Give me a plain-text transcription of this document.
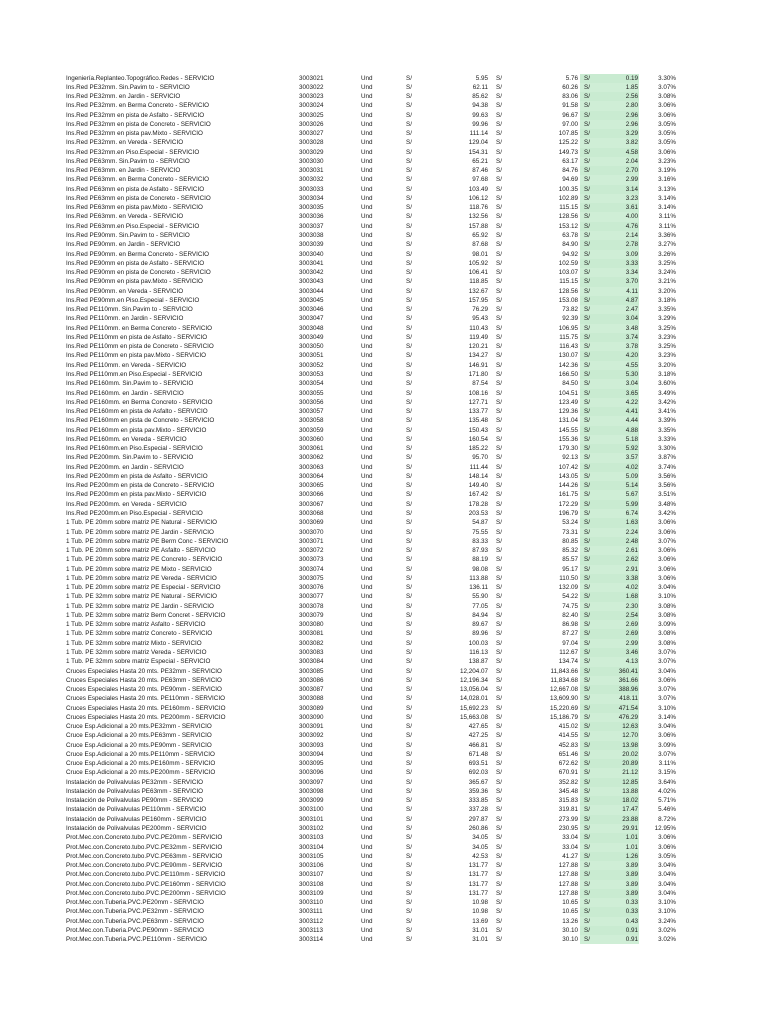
Ingeniería.Replanteo.Topográfico.Redes - SERVICIO	3003021	Und	S/	5.95 S/	5.76 S/	0.19	3.30%
Ins.Red PE32mm. Sin.Pavim to - SERVICIO	3003022	Und	S/	62.11 S/	60.26 S/	1.85	3.07%
Ins.Red PE32mm. en Jardin - SERVICIO	3003023	Und	S/	85.62 S/	83.06 S/	2.56	3.08%
Ins.Red PE32mm. en Berma Concreto - SERVICIO	3003024	Und	S/	94.38 S/	91.58 S/	2.80	3.06%
Ins.Red PE32mm en pista de Asfalto - SERVICIO	3003025	Und	S/	99.63 S/	96.67 S/	2.96	3.06%
Ins.Red PE32mm en pista de Concreto - SERVICIO	3003026	Und	S/	99.96 S/	97.00 S/	2.96	3.05%
Ins.Red PE32mm en pista pav.Mixto - SERVICIO	3003027	Und	S/	111.14 S/	107.85 S/	3.29	3.05%
Ins.Red PE32mm. en Vereda - SERVICIO	3003028	Und	S/	129.04 S/	125.22 S/	3.82	3.05%
Ins.Red PE32mm.en Piso.Especial - SERVICIO	3003029	Und	S/	154.31 S/	149.73 S/	4.58	3.06%
Ins.Red PE63mm. Sin.Pavim to - SERVICIO	3003030	Und	S/	65.21 S/	63.17 S/	2.04	3.23%
Ins.Red PE63mm. en Jardin - SERVICIO	3003031	Und	S/	87.46 S/	84.76 S/	2.70	3.19%
Ins.Red PE63mm. en Berma Concreto - SERVICIO	3003032	Und	S/	97.68 S/	94.69 S/	2.99	3.16%
Ins.Red PE63mm en pista de Asfalto - SERVICIO	3003033	Und	S/	103.49 S/	100.35 S/	3.14	3.13%
Ins.Red PE63mm en pista de Concreto - SERVICIO	3003034	Und	S/	106.12 S/	102.89 S/	3.23	3.14%
Ins.Red PE63mm en pista pav.Mixto - SERVICIO	3003035	Und	S/	118.76 S/	115.15 S/	3.61	3.14%
Ins.Red PE63mm. en Vereda - SERVICIO	3003036	Und	S/	132.56 S/	128.56 S/	4.00	3.11%
Ins.Red PE63mm.en Piso.Especial - SERVICIO	3003037	Und	S/	157.88 S/	153.12 S/	4.76	3.11%
Ins.Red PE90mm. Sin.Pavim to - SERVICIO	3003038	Und	S/	65.92 S/	63.78 S/	2.14	3.36%
Ins.Red PE90mm. en Jardin - SERVICIO	3003039	Und	S/	87.68 S/	84.90 S/	2.78	3.27%
Ins.Red PE90mm. en Berma Concreto - SERVICIO	3003040	Und	S/	98.01 S/	94.92 S/	3.09	3.26%
Ins.Red PE90mm en pista de Asfalto - SERVICIO	3003041	Und	S/	105.92 S/	102.59 S/	3.33	3.25%
Ins.Red PE90mm en pista de Concreto - SERVICIO	3003042	Und	S/	106.41 S/	103.07 S/	3.34	3.24%
Ins.Red PE90mm en pista pav.Mixto - SERVICIO	3003043	Und	S/	118.85 S/	115.15 S/	3.70	3.21%
Ins.Red PE90mm. en Vereda - SERVICIO	3003044	Und	S/	132.67 S/	128.56 S/	4.11	3.20%
Ins.Red PE90mm.en Piso.Especial - SERVICIO	3003045	Und	S/	157.95 S/	153.08 S/	4.87	3.18%
Ins.Red PE110mm. Sin.Pavim to - SERVICIO	3003046	Und	S/	76.29 S/	73.82 S/	2.47	3.35%
Ins.Red PE110mm. en Jardin - SERVICIO	3003047	Und	S/	95.43 S/	92.39 S/	3.04	3.29%
Ins.Red PE110mm. en Berma Concreto - SERVICIO	3003048	Und	S/	110.43 S/	106.95 S/	3.48	3.25%
Ins.Red PE110mm en pista de Asfalto - SERVICIO	3003049	Und	S/	119.49 S/	115.75 S/	3.74	3.23%
Ins.Red PE110mm en pista de Concreto - SERVICIO	3003050	Und	S/	120.21 S/	116.43 S/	3.78	3.25%
Ins.Red PE110mm en pista pav.Mixto - SERVICIO	3003051	Und	S/	134.27 S/	130.07 S/	4.20	3.23%
Ins.Red PE110mm. en Vereda - SERVICIO	3003052	Und	S/	146.91 S/	142.36 S/	4.55	3.20%
Ins.Red PE110mm.en Piso.Especial - SERVICIO	3003053	Und	S/	171.80 S/	166.50 S/	5.30	3.18%
Ins.Red PE160mm. Sin.Pavim to - SERVICIO	3003054	Und	S/	87.54 S/	84.50 S/	3.04	3.60%
Ins.Red PE160mm. en Jardin - SERVICIO	3003055	Und	S/	108.16 S/	104.51 S/	3.65	3.49%
Ins.Red PE160mm. en Berma Concreto - SERVICIO	3003056	Und	S/	127.71 S/	123.49 S/	4.22	3.42%
Ins.Red PE160mm en pista de Asfalto - SERVICIO	3003057	Und	S/	133.77 S/	129.36 S/	4.41	3.41%
Ins.Red PE160mm en pista de Concreto - SERVICIO	3003058	Und	S/	135.48 S/	131.04 S/	4.44	3.39%
Ins.Red PE160mm en pista pav.Mixto - SERVICIO	3003059	Und	S/	150.43 S/	145.55 S/	4.88	3.35%
Ins.Red PE160mm. en Vereda - SERVICIO	3003060	Und	S/	160.54 S/	155.36 S/	5.18	3.33%
Ins.Red PE160mm.en Piso.Especial - SERVICIO	3003061	Und	S/	185.22 S/	179.30 S/	5.92	3.30%
Ins.Red PE200mm. Sin.Pavim to - SERVICIO	3003062	Und	S/	95.70 S/	92.13 S/	3.57	3.87%
Ins.Red PE200mm. en Jardin - SERVICIO	3003063	Und	S/	111.44 S/	107.42 S/	4.02	3.74%
Ins.Red PE200mm en pista de Asfalto - SERVICIO	3003064	Und	S/	148.14 S/	143.05 S/	5.09	3.56%
Ins.Red PE200mm en pista de Concreto - SERVICIO	3003065	Und	S/	149.40 S/	144.26 S/	5.14	3.56%
Ins.Red PE200mm en pista pav.Mixto - SERVICIO	3003066	Und	S/	167.42 S/	161.75 S/	5.67	3.51%
Ins.Red PE200mm. en Vereda - SERVICIO	3003067	Und	S/	178.28 S/	172.29 S/	5.99	3.48%
Ins.Red PE200mm.en Piso.Especial - SERVICIO	3003068	Und	S/	203.53 S/	196.79 S/	6.74	3.42%
1 Tub. PE 20mm sobre matriz PE Natural - SERVICIO	3003069	Und	S/	54.87 S/	53.24 S/	1.63	3.06%
1 Tub. PE 20mm sobre matriz PE Jardin - SERVICIO	3003070	Und	S/	75.55 S/	73.31 S/	2.24	3.06%
1 Tub. PE 20mm sobre matriz PE Berm Conc - SERVICIO	3003071	Und	S/	83.33 S/	80.85 S/	2.48	3.07%
1 Tub. PE 20mm sobre matriz PE Asfalto - SERVICIO	3003072	Und	S/	87.93 S/	85.32 S/	2.61	3.06%
1 Tub. PE 20mm sobre matriz PE Concreto - SERVICIO	3003073	Und	S/	88.19 S/	85.57 S/	2.62	3.06%
1 Tub. PE 20mm sobre matriz PE Mixto - SERVICIO	3003074	Und	S/	98.08 S/	95.17 S/	2.91	3.06%
1 Tub. PE 20mm sobre matriz PE Vereda - SERVICIO	3003075	Und	S/	113.88 S/	110.50 S/	3.38	3.06%
1 Tub. PE 20mm sobre matriz PE Especial - SERVICIO	3003076	Und	S/	136.11 S/	132.09 S/	4.02	3.04%
1 Tub. PE 32mm sobre matriz PE Natural - SERVICIO	3003077	Und	S/	55.90 S/	54.22 S/	1.68	3.10%
1 Tub. PE 32mm sobre matriz PE Jardin - SERVICIO	3003078	Und	S/	77.05 S/	74.75 S/	2.30	3.08%
1 Tub. PE 32mm sobre matriz Berm Concret - SERVICIO	3003079	Und	S/	84.94 S/	82.40 S/	2.54	3.08%
1 Tub. PE 32mm sobre matriz Asfalto - SERVICIO	3003080	Und	S/	89.67 S/	86.98 S/	2.69	3.09%
1 Tub. PE 32mm sobre matriz Concreto - SERVICIO	3003081	Und	S/	89.96 S/	87.27 S/	2.69	3.08%
1 Tub. PE 32mm sobre matriz Mixto - SERVICIO	3003082	Und	S/	100.03 S/	97.04 S/	2.99	3.08%
1 Tub. PE 32mm sobre matriz Vereda - SERVICIO	3003083	Und	S/	116.13 S/	112.67 S/	3.46	3.07%
1 Tub. PE 32mm sobre matriz Especial - SERVICIO	3003084	Und	S/	138.87 S/	134.74 S/	4.13	3.07%
Cruces Especiales Hasta 20 mts. PE32mm - SERVICIO	3003085	Und	S/	12,204.07 S/	11,843.66 S/	360.41	3.04%
Cruces Especiales Hasta 20 mts. PE63mm - SERVICIO	3003086	Und	S/	12,196.34 S/	11,834.68 S/	361.66	3.06%
Cruces Especiales Hasta 20 mts. PE90mm - SERVICIO	3003087	Und	S/	13,056.04 S/	12,667.08 S/	388.96	3.07%
Cruces Especiales Hasta 20 mts. PE110mm - SERVICIO	3003088	Und	S/	14,028.01 S/	13,609.90 S/	418.11	3.07%
Cruces Especiales Hasta 20 mts. PE160mm - SERVICIO	3003089	Und	S/	15,692.23 S/	15,220.69 S/	471.54	3.10%
Cruces Especiales Hasta 20 mts. PE200mm - SERVICIO	3003090	Und	S/	15,663.08 S/	15,186.79 S/	476.29	3.14%
Cruce Esp.Adicional a 20 mts.PE32mm - SERVICIO	3003091	Und	S/	427.65 S/	415.02 S/	12.63	3.04%
Cruce Esp.Adicional a 20 mts.PE63mm - SERVICIO	3003092	Und	S/	427.25 S/	414.55 S/	12.70	3.06%
Cruce Esp.Adicional a 20 mts.PE90mm - SERVICIO	3003093	Und	S/	466.81 S/	452.83 S/	13.98	3.09%
Cruce Esp.Adicional a 20 mts.PE110mm - SERVICIO	3003094	Und	S/	671.48 S/	651.46 S/	20.02	3.07%
Cruce Esp.Adicional a 20 mts.PE160mm - SERVICIO	3003095	Und	S/	693.51 S/	672.62 S/	20.89	3.11%
Cruce Esp.Adicional a 20 mts.PE200mm - SERVICIO	3003096	Und	S/	692.03 S/	670.91 S/	21.12	3.15%
Instalación de Polivalvulas PE32mm - SERVICIO	3003097	Und	S/	365.67 S/	352.82 S/	12.85	3.64%
Instalación de Polivalvulas PE63mm - SERVICIO	3003098	Und	S/	359.36 S/	345.48 S/	13.88	4.02%
Instalación de Polivalvulas PE90mm - SERVICIO	3003099	Und	S/	333.85 S/	315.83 S/	18.02	5.71%
Instalación de Polivalvulas PE110mm - SERVICIO	3003100	Und	S/	337.28 S/	319.81 S/	17.47	5.46%
Instalación de Polivalvulas PE160mm - SERVICIO	3003101	Und	S/	297.87 S/	273.99 S/	23.88	8.72%
Instalación de Polivalvulas PE200mm - SERVICIO	3003102	Und	S/	260.86 S/	230.95 S/	29.91	12.95%
Prot.Mec.con.Concreto.tubo.PVC.PE20mm - SERVICIO	3003103	Und	S/	34.05 S/	33.04 S/	1.01	3.06%
Prot.Mec.con.Concreto.tubo.PVC.PE32mm - SERVICIO	3003104	Und	S/	34.05 S/	33.04 S/	1.01	3.06%
Prot.Mec.con.Concreto.tubo.PVC.PE63mm - SERVICIO	3003105	Und	S/	42.53 S/	41.27 S/	1.26	3.05%
Prot.Mec.con.Concreto.tubo.PVC.PE90mm - SERVICIO	3003106	Und	S/	131.77 S/	127.88 S/	3.89	3.04%
Prot.Mec.con.Concreto.tubo.PVC.PE110mm - SERVICIO	3003107	Und	S/	131.77 S/	127.88 S/	3.89	3.04%
Prot.Mec.con.Concreto.tubo.PVC.PE160mm - SERVICIO	3003108	Und	S/	131.77 S/	127.88 S/	3.89	3.04%
Prot.Mec.con.Concreto.tubo.PVC.PE200mm - SERVICIO	3003109	Und	S/	131.77 S/	127.88 S/	3.89	3.04%
Prot.Mec.con.Tuberia.PVC.PE20mm - SERVICIO	3003110	Und	S/	10.98 S/	10.65 S/	0.33	3.10%
Prot.Mec.con.Tuberia.PVC.PE32mm - SERVICIO	3003111	Und	S/	10.98 S/	10.65 S/	0.33	3.10%
Prot.Mec.con.Tuberia.PVC.PE63mm - SERVICIO	3003112	Und	S/	13.69 S/	13.26 S/	0.43	3.24%
Prot.Mec.con.Tuberia.PVC.PE90mm - SERVICIO	3003113	Und	S/	31.01 S/	30.10 S/	0.91	3.02%
Prot.Mec.con.Tuberia.PVC.PE110mm - SERVICIO	3003114	Und	S/	31.01 S/	30.10 S/	0.91	3.02%
